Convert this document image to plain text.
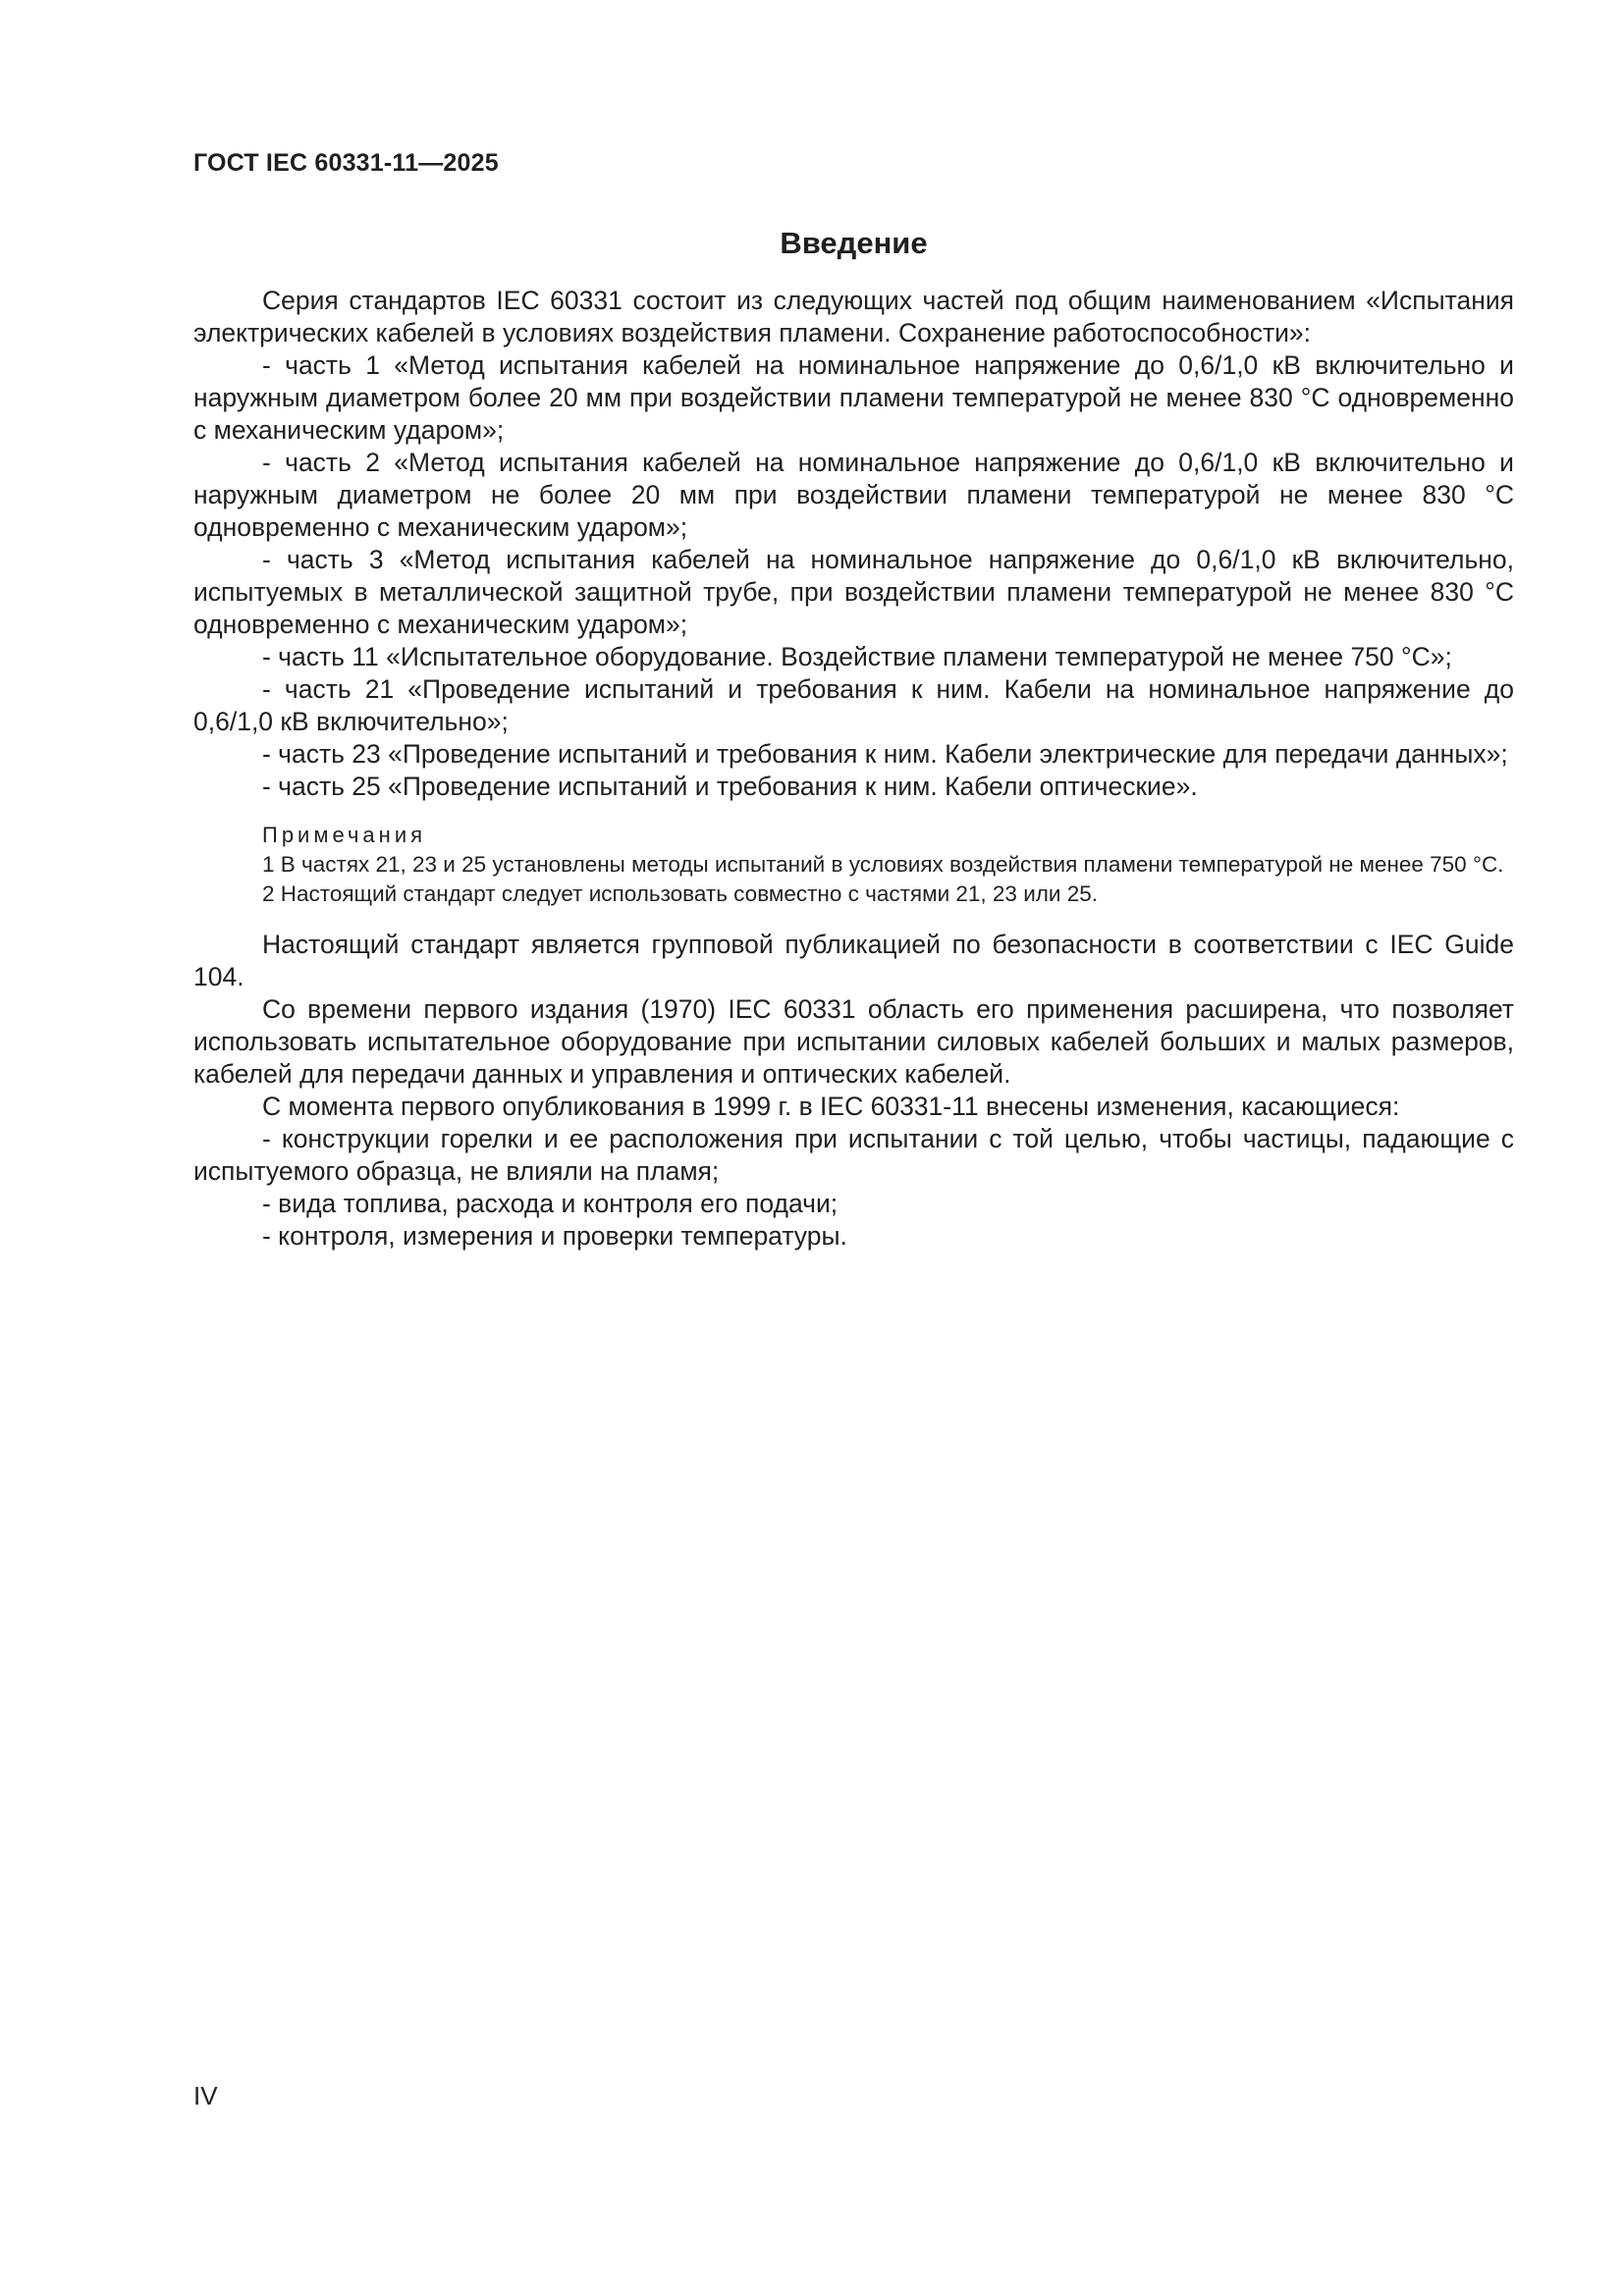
ГОСТ IEC 60331-11—2025
Введение

Серия стандартов IEC 60331 состоит из следующих частей под общим наименованием «Испытания электрических кабелей в условиях воздействия пламени. Сохранение работоспособности»:

- часть 1 «Метод испытания кабелей на номинальное напряжение до 0,6/1,0 кВ включительно и наружным диаметром более 20 мм при воздействии пламени температурой не менее 830 °С одновременно с механическим ударом»;

- часть 2 «Метод испытания кабелей на номинальное напряжение до 0,6/1,0 кВ включительно и наружным диаметром не более 20 мм при воздействии пламени температурой не менее 830 °С одновременно с механическим ударом»;

- часть 3 «Метод испытания кабелей на номинальное напряжение до 0,6/1,0 кВ включительно, испытуемых в металлической защитной трубе, при воздействии пламени температурой не менее 830 °С одновременно с механическим ударом»;

- часть 11 «Испытательное оборудование. Воздействие пламени температурой не менее 750 °С»;

- часть 21 «Проведение испытаний и требования к ним. Кабели на номинальное напряжение до 0,6/1,0 кВ включительно»;

- часть 23 «Проведение испытаний и требования к ним. Кабели электрические для передачи данных»;

- часть 25 «Проведение испытаний и требования к ним. Кабели оптические».

Примечания

1 В частях 21, 23 и 25 установлены методы испытаний в условиях воздействия пламени температурой не менее 750 °С.

2 Настоящий стандарт следует использовать совместно с частями 21, 23 или 25.

Настоящий стандарт является групповой публикацией по безопасности в соответствии с IEC Guide 104.

Со времени первого издания (1970) IEC 60331 область его применения расширена, что позволяет использовать испытательное оборудование при испытании силовых кабелей больших и малых размеров, кабелей для передачи данных и управления и оптических кабелей.

С момента первого опубликования в 1999 г. в IEC 60331-11 внесены изменения, касающиеся:

- конструкции горелки и ее расположения при испытании с той целью, чтобы частицы, падающие с испытуемого образца, не влияли на пламя;

- вида топлива, расхода и контроля его подачи;

- контроля, измерения и проверки температуры.

IV
